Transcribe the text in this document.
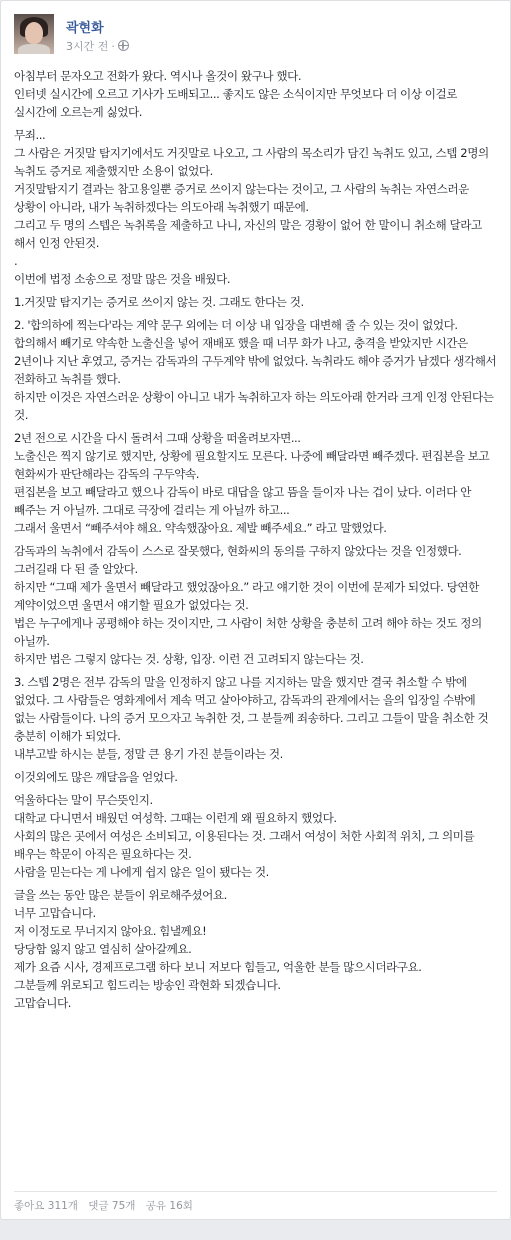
곽현화
3시간 전 ·

아침부터 문자오고 전화가 왔다. 역시나 올것이 왔구나 했다.
인터넷 실시간에 오르고 기사가 도배되고... 좋지도 않은 소식이지만 무엇보다 더 이상 이걸로 실시간에 오르는게 싫었다.

무죄...
그 사람은 거짓말 탐지기에서도 거짓말로 나오고, 그 사람의 목소리가 담긴 녹취도 있고, 스텝 2명의 녹취도 증거로 제출했지만 소용이 없었다.
거짓말탐지기 결과는 참고용일뿐 증거로 쓰이지 않는다는 것이고, 그 사람의 녹취는 자연스러운 상황이 아니라, 내가 녹취하겠다는 의도아래 녹취했기 때문에.
그리고 두 명의 스텝은 녹취록을 제출하고 나니, 자신의 말은 경황이 없어 한 말이니 취소해 달라고 해서 인정 안된것.
.
이번에 법정 소송으로 정말 많은 것을 배웠다.

1.거짓말 탐지기는 증거로 쓰이지 않는 것. 그래도 한다는 것.

2. '합의하에 찍는다'라는 계약 문구 외에는 더 이상 내 입장을 대변해 줄 수 있는 것이 없었다. 합의해서 빼기로 약속한 노출신을 넣어 재배포 했을 때 너무 화가 나고, 충격을 받았지만 시간은 2년이나 지난 후였고, 증거는 감독과의 구두계약 밖에 없었다. 녹취라도 해야 증거가 남겠다 생각해서 전화하고 녹취를 했다.
하지만 이것은 자연스러운 상황이 아니고 내가 녹취하고자 하는 의도아래 한거라 크게 인정 안된다는 것.

2년 전으로 시간을 다시 돌려서 그때 상황을 떠올려보자면...
노출신은 찍지 않기로 했지만, 상황에 필요할지도 모른다. 나중에 빼달라면 빼주겠다. 편집본을 보고 현화씨가 판단해라는 감독의 구두약속.
편집본을 보고 빼달라고 했으나 감독이 바로 대답을 않고 뜸을 들이자 나는 겁이 났다. 이러다 안 빼주는 거 아닐까. 그대로 극장에 걸리는 게 아닐까 하고...
그래서 울면서 “빼주셔야 해요. 약속했잖아요. 제발 빼주세요.” 라고 말했었다.

감독과의 녹취에서 감독이 스스로 잘못했다, 현화씨의 동의를 구하지 않았다는 것을 인정했다. 그러길래 다 된 줄 알았다.
하지만 “그때 제가 울면서 빼달라고 했었잖아요.” 라고 얘기한 것이 이번에 문제가 되었다. 당연한 계약이었으면 울면서 얘기할 필요가 없었다는 것.
법은 누구에게나 공평해야 하는 것이지만, 그 사람이 처한 상황을 충분히 고려 해야 하는 것도 정의 아닐까.
하지만 법은 그렇지 않다는 것. 상황, 입장. 이런 건 고려되지 않는다는 것.

3. 스텝 2명은 전부 감독의 말을 인정하지 않고 나를 지지하는 말을 했지만 결국 취소할 수 밖에 없었다. 그 사람들은 영화계에서 계속 먹고 살아야하고, 감독과의 관계에서는 을의 입장일 수밖에 없는 사람들이다. 나의 증거 모으자고 녹취한 것, 그 분들께 죄송하다. 그리고 그들이 말을 취소한 것 충분히 이해가 되었다.
내부고발 하시는 분들, 정말 큰 용기 가진 분들이라는 것.

이것외에도 많은 깨달음을 얻었다.

억울하다는 말이 무슨뜻인지.
대학교 다니면서 배웠던 여성학. 그때는 이런게 왜 필요하지 했었다.
사회의 많은 곳에서 여성은 소비되고, 이용된다는 것. 그래서 여성이 처한 사회적 위치, 그 의미를 배우는 학문이 아직은 필요하다는 것.
사람을 믿는다는 게 나에게 쉽지 않은 일이 됐다는 것.

글을 쓰는 동안 많은 분들이 위로해주셨어요.
너무 고맙습니다.
저 이정도로 무너지지 않아요. 힘낼께요!
당당함 잃지 않고 열심히 살아갈께요.
제가 요즘 시사, 경제프로그램 하다 보니 저보다 힘들고, 억울한 분들 많으시더라구요.
그분들께 위로되고 힘드리는 방송인 곽현화 되겠습니다.
고맙습니다.

좋아요 311개 댓글 75개 공유 16회
